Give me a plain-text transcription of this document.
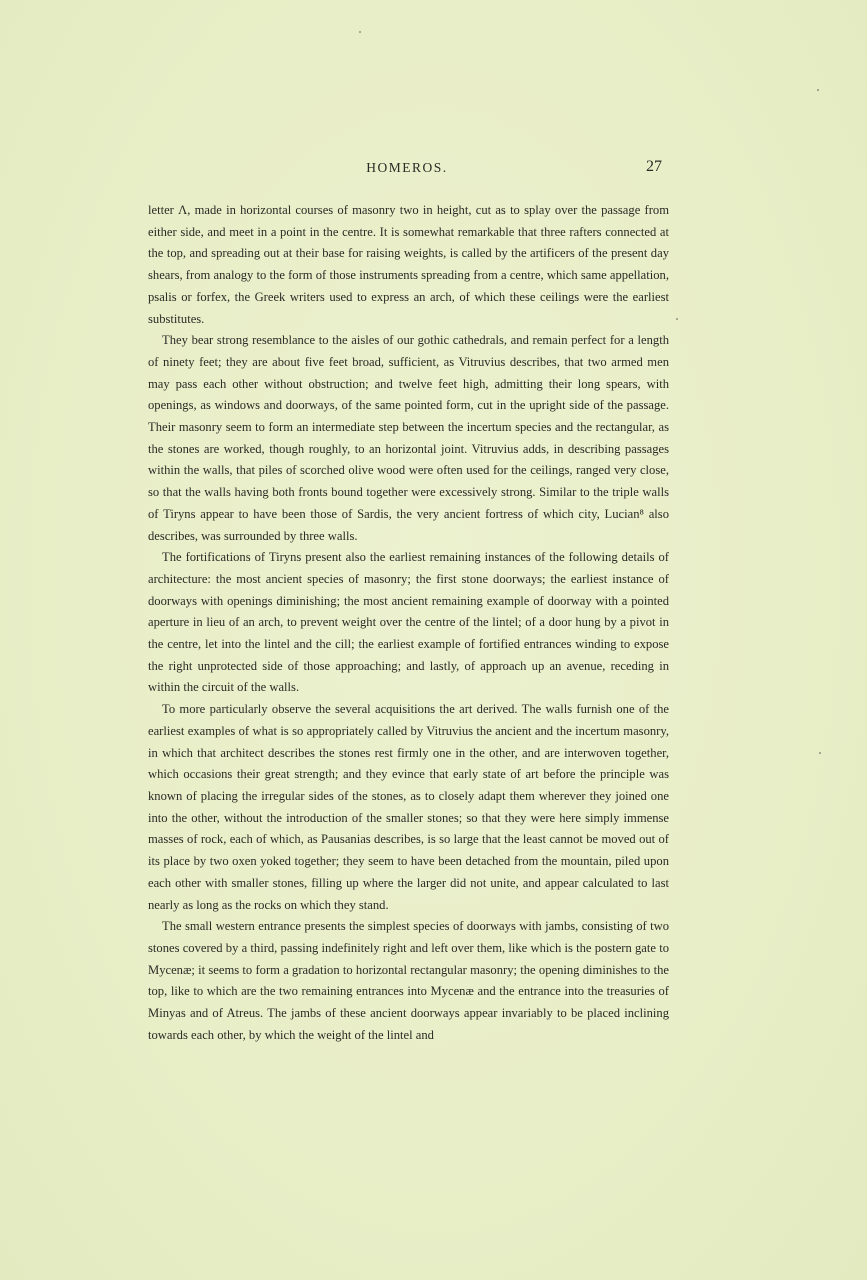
HOMEROS.	27

letter Λ, made in horizontal courses of masonry two in height, cut as to splay over the passage from either side, and meet in a point in the centre. It is somewhat remarkable that three rafters connected at the top, and spreading out at their base for raising weights, is called by the artificers of the present day shears, from analogy to the form of those instruments spreading from a centre, which same appellation, psalis or forfex, the Greek writers used to express an arch, of which these ceilings were the earliest substitutes.

They bear strong resemblance to the aisles of our gothic cathedrals, and remain perfect for a length of ninety feet; they are about five feet broad, sufficient, as Vitruvius describes, that two armed men may pass each other without obstruction; and twelve feet high, admitting their long spears, with openings, as windows and doorways, of the same pointed form, cut in the upright side of the passage. Their masonry seem to form an intermediate step between the incertum species and the rectangular, as the stones are worked, though roughly, to an horizontal joint. Vitruvius adds, in describing passages within the walls, that piles of scorched olive wood were often used for the ceilings, ranged very close, so that the walls having both fronts bound together were excessively strong. Similar to the triple walls of Tiryns appear to have been those of Sardis, the very ancient fortress of which city, Lucian⁸ also describes, was surrounded by three walls.

The fortifications of Tiryns present also the earliest remaining instances of the following details of architecture: the most ancient species of masonry; the first stone doorways; the earliest instance of doorways with openings diminishing; the most ancient remaining example of doorway with a pointed aperture in lieu of an arch, to prevent weight over the centre of the lintel; of a door hung by a pivot in the centre, let into the lintel and the cill; the earliest example of fortified entrances winding to expose the right unprotected side of those approaching; and lastly, of approach up an avenue, receding in within the circuit of the walls.

To more particularly observe the several acquisitions the art derived. The walls furnish one of the earliest examples of what is so appropriately called by Vitruvius the ancient and the incertum masonry, in which that architect describes the stones rest firmly one in the other, and are interwoven together, which occasions their great strength; and they evince that early state of art before the principle was known of placing the irregular sides of the stones, as to closely adapt them wherever they joined one into the other, without the introduction of the smaller stones; so that they were here simply immense masses of rock, each of which, as Pausanias describes, is so large that the least cannot be moved out of its place by two oxen yoked together; they seem to have been detached from the mountain, piled upon each other with smaller stones, filling up where the larger did not unite, and appear calculated to last nearly as long as the rocks on which they stand.

The small western entrance presents the simplest species of doorways with jambs, consisting of two stones covered by a third, passing indefinitely right and left over them, like which is the postern gate to Mycenæ; it seems to form a gradation to horizontal rectangular masonry; the opening diminishes to the top, like to which are the two remaining entrances into Mycenæ and the entrance into the treasuries of Minyas and of Atreus. The jambs of these ancient doorways appear invariably to be placed inclining towards each other, by which the weight of the lintel and
